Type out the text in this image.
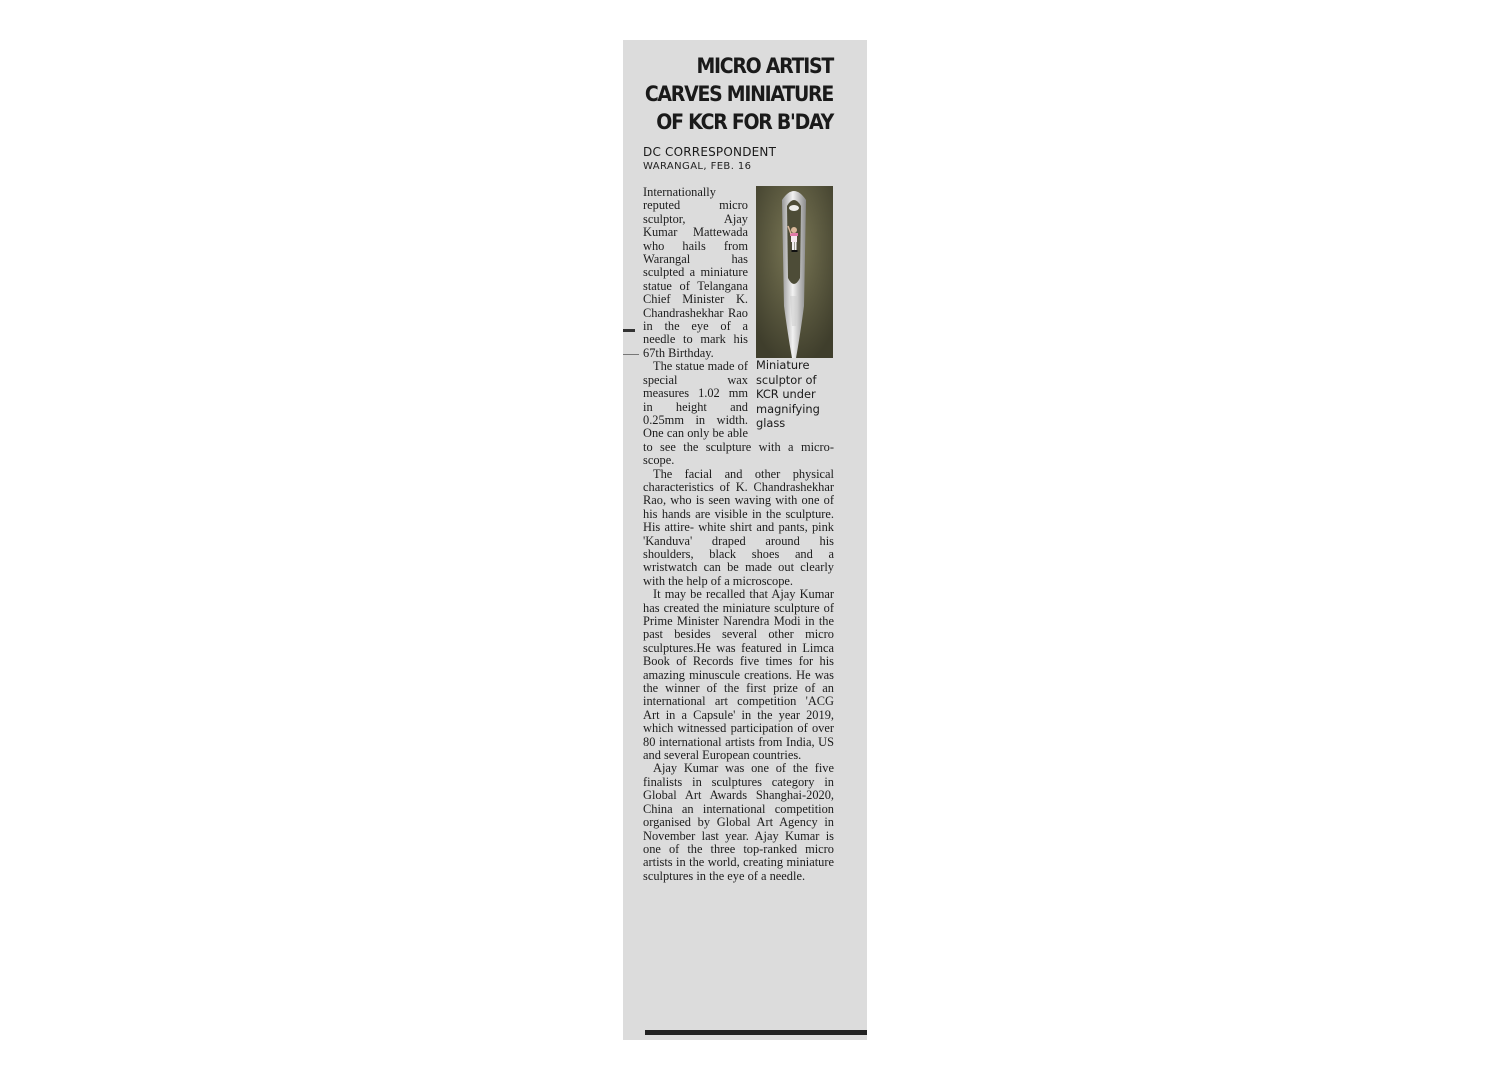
MICRO ARTIST
CARVES MINIATURE
OF KCR FOR B'DAY
DC CORRESPONDENT
WARANGAL, FEB. 16
Miniature sculptor of KCR under magnifying glass

Internationally reputed micro sculptor, Ajay Kumar Mattewada who hails from Warangal has sculpted a miniature statue of Telangana Chief Minister K. Chandrashekhar Rao in the eye of a needle to mark his 67th Birthday.

The statue made of special wax measures 1.02 mm in height and 0.25mm in width. One can only be able to see the sculpture with a microscope.

The facial and other physical characteristics of K. Chandrashekhar Rao, who is seen waving with one of his hands are visible in the sculpture. His attire- white shirt and pants, pink 'Kanduva' draped around his shoulders, black shoes and a wristwatch can be made out clearly with the help of a microscope.

It may be recalled that Ajay Kumar has created the miniature sculpture of Prime Minister Narendra Modi in the past besides several other micro sculptures.He was featured in Limca Book of Records five times for his amazing minuscule creations. He was the winner of the first prize of an international art competition 'ACG Art in a Capsule' in the year 2019, which witnessed participation of over 80 international artists from India, US and several European countries.

Ajay Kumar was one of the five finalists in sculptures category in Global Art Awards Shanghai-2020, China an international competition organised by Global Art Agency in November last year. Ajay Kumar is one of the three top-ranked micro artists in the world, creating miniature sculptures in the eye of a needle.
